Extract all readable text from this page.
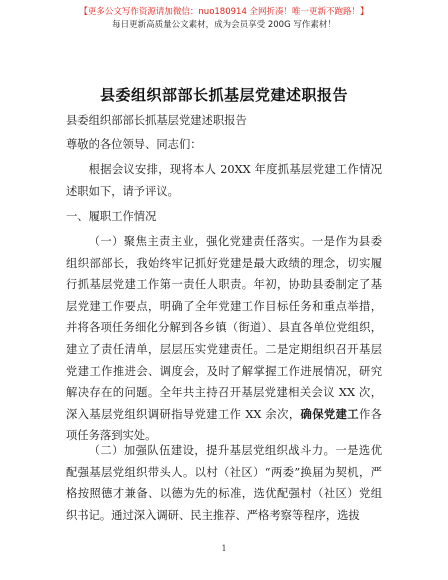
【更多公文写作资源请加微信：nuo180914 全网折凑！唯一更新不跑路！】
每日更新高质量公文素材，成为会员享受 200G 写作素材！
县委组织部部长抓基层党建述职报告
县委组织部部长抓基层党建述职报告
尊敬的各位领导、同志们：
根据会议安排，现将本人 20XX 年度抓基层党建工作情况述职如下，请予评议。
一、履职工作情况
（一）聚焦主责主业，强化党建责任落实。一是作为县委组织部部长，我始终牢记抓好党建是最大政绩的理念，切实履行抓基层党建工作第一责任人职责。年初，协助县委制定了基层党建工作要点，明确了全年党建工作目标任务和重点举措，并将各项任务细化分解到各乡镇（街道）、县直各单位党组织，建立了责任清单，层层压实党建责任。二是定期组织召开基层党建工作推进会、调度会，及时了解掌握工作进展情况，研究解决存在的问题。全年共主持召开基层党建相关会议 XX 次，深入基层党组织调研指导党建工作 XX 余次，确保党建工作各项任务落到实处。
（二）加强队伍建设，提升基层党组织战斗力。一是选优配强基层党组织带头人。以村（社区）“两委”换届为契机，严格按照德才兼备、以德为先的标准，选优配强村（社区）党组织书记。通过深入调研、民主推荐、严格考察等程序，选拔
1
